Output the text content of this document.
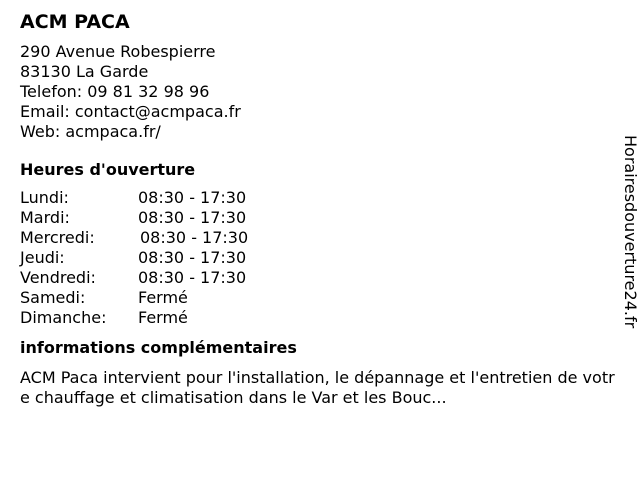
ACM PACA
290 Avenue Robespierre
83130 La Garde
Telefon: 09 81 32 98 96
Email: contact@acmpaca.fr
Web: acmpaca.fr/
Heures d'ouverture
Lundi:	08:30 - 17:30
Mardi:	08:30 - 17:30
Mercredi:	08:30 - 17:30
Jeudi:	08:30 - 17:30
Vendredi:	08:30 - 17:30
Samedi:	Fermé
Dimanche: Fermé
informations complémentaires
ACM Paca intervient pour l'installation, le dépannage et l'entretien de votre chauffage et climatisation dans le Var et les Bouc...
Horairesdouverture24.fr
